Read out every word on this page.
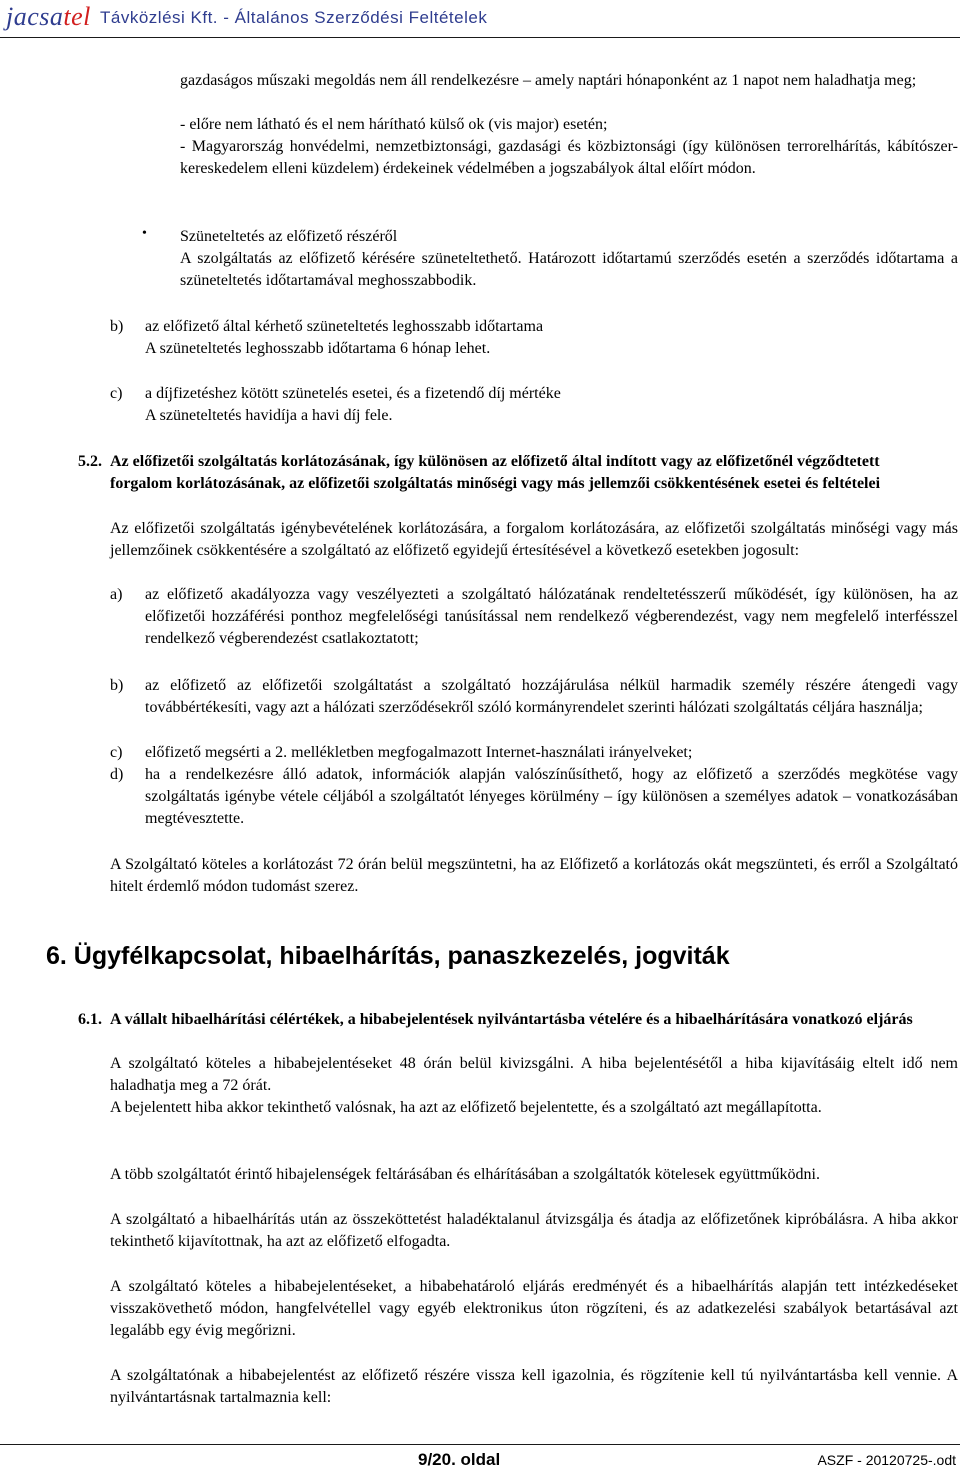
jacsatel Távközlési Kft. - Általános Szerződési Feltételek
gazdaságos műszaki megoldás nem áll rendelkezésre – amely naptári hónaponként az 1 napot nem haladhatja meg;
- előre nem látható és el nem hárítható külső ok (vis major) esetén;
- Magyarország honvédelmi, nemzetbiztonsági, gazdasági és közbiztonsági (így különösen terrorelhárítás, kábítószer-kereskedelem elleni küzdelem) érdekeinek védelmében a jogszabályok által előírt módon.
• Szüneteltetés az előfizető részéről
A szolgáltatás az előfizető kérésére szüneteltethető. Határozott időtartamú szerződés esetén a szerződés időtartama a szüneteltetés időtartamával meghosszabbodik.
b) az előfizető által kérhető szüneteltetés leghosszabb időtartama
A szüneteltetés leghosszabb időtartama 6 hónap lehet.
c) a díjfizetéshez kötött szünetelés esetei, és a fizetendő díj mértéke
A szüneteltetés havidíja a havi díj fele.
5.2. Az előfizetői szolgáltatás korlátozásának, így különösen az előfizető által indított vagy az előfizetőnél végződtetett forgalom korlátozásának, az előfizetői szolgáltatás minőségi vagy más jellemzői csökkentésének esetei és feltételei
Az előfizetői szolgáltatás igénybevételének korlátozására, a forgalom korlátozására, az előfizetői szolgáltatás minőségi vagy más jellemzőinek csökkentésére a szolgáltató az előfizető egyidejű értesítésével a következő esetekben jogosult:
a) az előfizető akadályozza vagy veszélyezteti a szolgáltató hálózatának rendeltetésszerű működését, így különösen, ha az előfizetői hozzáférési ponthoz megfelelőségi tanúsítással nem rendelkező végberendezést, vagy nem megfelelő interfésszel rendelkező végberendezést csatlakoztatott;
b) az előfizető az előfizetői szolgáltatást a szolgáltató hozzájárulása nélkül harmadik személy részére átengedi vagy továbbértékesíti, vagy azt a hálózati szerződésekről szóló kormányrendelet szerinti hálózati szolgáltatás céljára használja;
c) előfizető megsérti a 2. mellékletben megfogalmazott Internet-használati irányelveket;
d) ha a rendelkezésre álló adatok, információk alapján valószínűsíthető, hogy az előfizető a szerződés megkötése vagy szolgáltatás igénybe vétele céljából a szolgáltatót lényeges körülmény – így különösen a személyes adatok – vonatkozásában megtévesztette.
A Szolgáltató köteles a korlátozást 72 órán belül megszüntetni, ha az Előfizető a korlátozás okát megszünteti, és erről a Szolgáltató hitelt érdemlő módon tudomást szerez.
6. Ügyfélkapcsolat, hibaelhárítás, panaszkezelés, jogviták
6.1. A vállalt hibaelhárítási célértékek, a hibabejelentések nyilvántartásba vételére és a hibaelhárítására vonatkozó eljárás
A szolgáltató köteles a hibabejelentéseket 48 órán belül kivizsgálni. A hiba bejelentésétől a hiba kijavításáig eltelt idő nem haladhatja meg a 72 órát.
A bejelentett hiba akkor tekinthető valósnak, ha azt az előfizető bejelentette, és a szolgáltató azt megállapította.
A több szolgáltatót érintő hibajelenségek feltárásában és elhárításában a szolgáltatók kötelesek együttműködni.
A szolgáltató a hibaelhárítás után az összeköttetést haladéktalanul átvizsgálja és átadja az előfizetőnek kipróbálásra. A hiba akkor tekinthető kijavítottnak, ha azt az előfizető elfogadta.
A szolgáltató köteles a hibabejelentéseket, a hibabehatároló eljárás eredményét és a hibaelhárítás alapján tett intézkedéseket visszakövethető módon, hangfelvétellel vagy egyéb elektronikus úton rögzíteni, és az adatkezelési szabályok betartásával azt legalább egy évig megőrizni.
A szolgáltatónak a hibabejelentést az előfizető részére vissza kell igazolnia, és rögzítenie kell tú nyilvántartásba kell vennie. A nyilvántartásnak tartalmaznia kell:
9/20. oldal	ASZF - 20120725-.odt
